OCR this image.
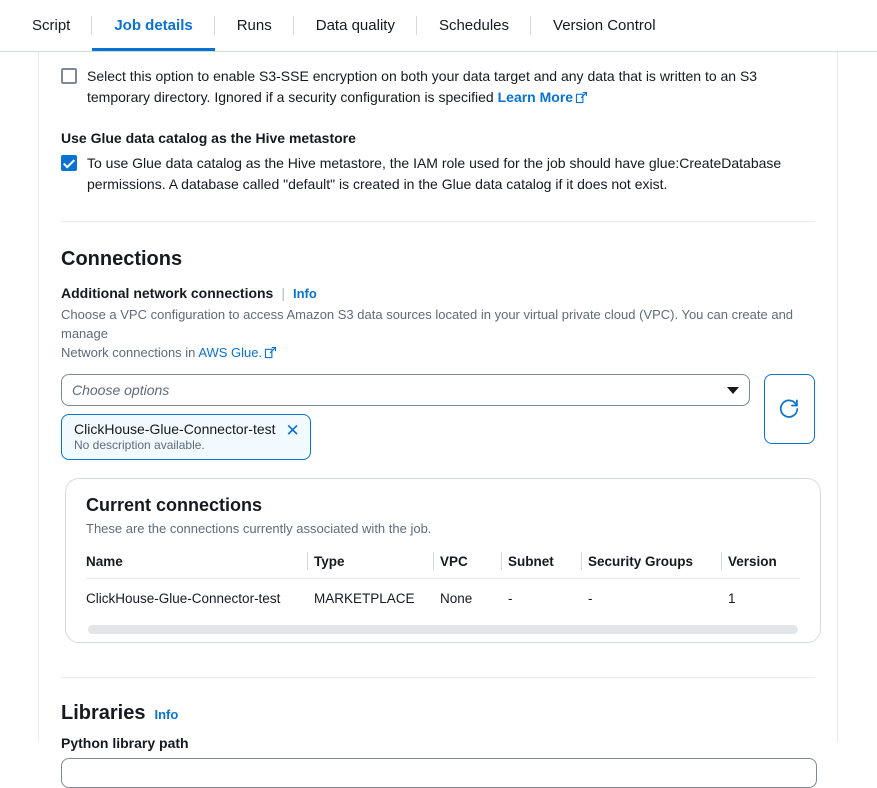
Script	Job details	Runs	Data quality	Schedules	Version Control
Select this option to enable S3-SSE encryption on both your data target and any data that is written to an S3 temporary directory. Ignored if a security configuration is specified Learn More
Use Glue data catalog as the Hive metastore
To use Glue data catalog as the Hive metastore, the IAM role used for the job should have glue:CreateDatabase permissions. A database called "default" is created in the Glue data catalog if it does not exist.
Connections
Additional network connections | Info
Choose a VPC configuration to access Amazon S3 data sources located in your virtual private cloud (VPC). You can create and manage
Network connections in AWS Glue.
Choose options
ClickHouse-Glue-Connector-test
No description available.
✕
Current connections
These are the connections currently associated with the job.
Name	Type	VPC	Subnet	Security Groups	Version
ClickHouse-Glue-Connector-test	MARKETPLACE	None	-	-	1
Libraries Info
Python library path
